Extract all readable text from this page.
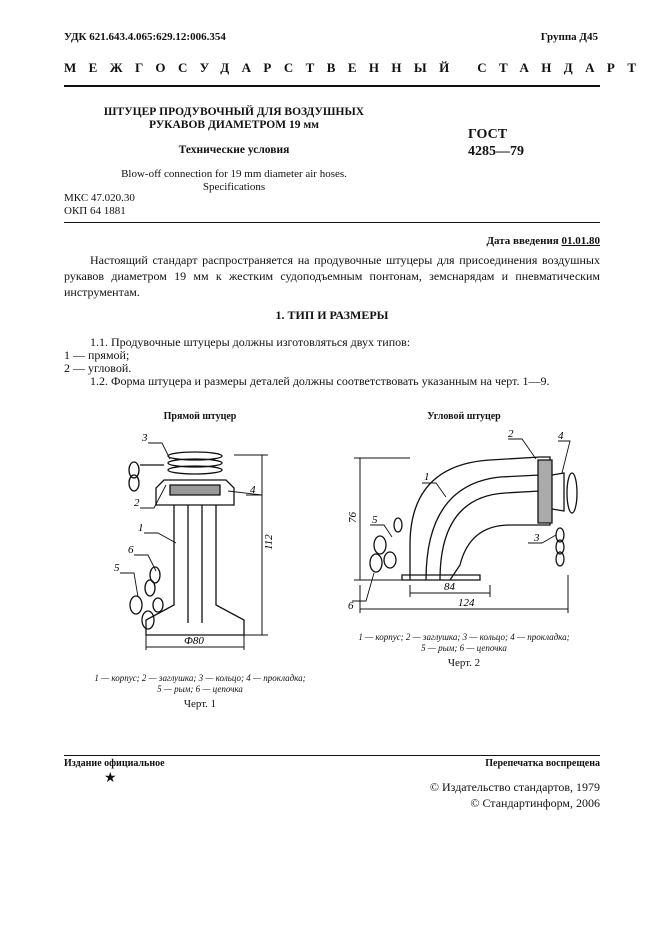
УДК 621.643.4.065:629.12:006.354	Группа Д45
МЕЖГОСУДАРСТВЕННЫЙ СТАНДАРТ
ШТУЦЕР ПРОДУВОЧНЫЙ ДЛЯ ВОЗДУШНЫХ
РУКАВОВ ДИАМЕТРОМ 19 мм
Технические условия
Blow-off connection for 19 mm diameter air hoses.
Specifications
ГОСТ
4285—79
МКС 47.020.30
ОКП 64 1881
Дата введения 01.01.80
Настоящий стандарт распространяется на продувочные штуцеры для присоединения воздушных рукавов диаметром 19 мм к жестким судоподъемным понтонам, земснарядам и пневматическим инструментам.
1. ТИП И РАЗМЕРЫ
1.1. Продувочные штуцеры должны изготовляться двух типов:
1 — прямой;
2 — угловой.
1.2. Форма штуцера и размеры деталей должны соответствовать указанным на черт. 1—9.
Прямой штуцер
3
4
2
1
6
5
112
Ф80
1 — корпус; 2 — заглушка; 3 — кольцо; 4 — прокладка;
5 — рым; 6 — цепочка
Черт. 1
Угловой штуцер
1
2	4
3
5
6
76
84
124
1 — корпус; 2 — заглушка; 3 — кольцо; 4 — прокладка;
5 — рым; 6 — цепочка
Черт. 2
Издание официальное	Перепечатка воспрещена
★
© Издательство стандартов, 1979
© Стандартинформ, 2006
